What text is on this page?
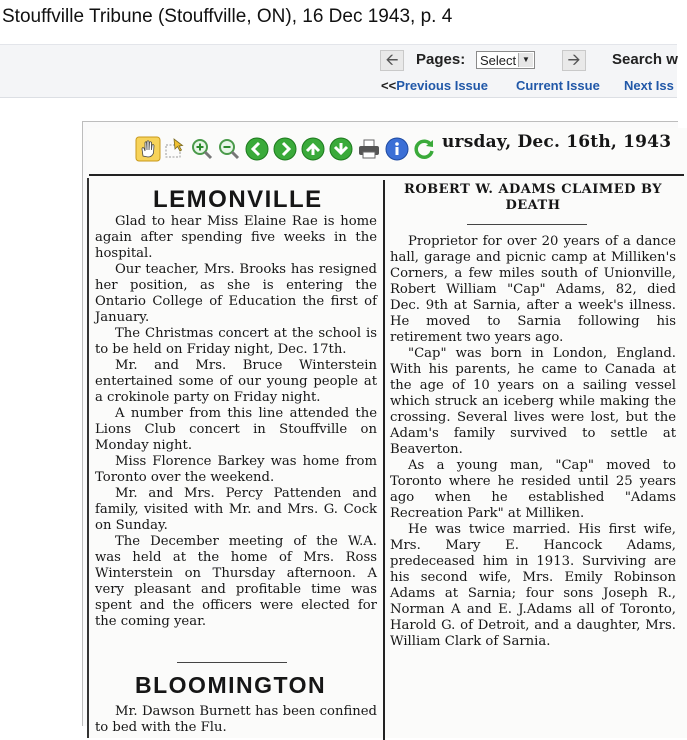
Stouffville Tribune (Stouffville, ON), 16 Dec 1943, p. 4
🡨	Pages: Select ▼	🡪	Search w
<<Previous Issue Current Issue Next Iss
ursday, Dec. 16th, 1943
LEMONVILLE

Glad to hear Miss Elaine Rae is home again after spending five weeks in the hospital.

Our teacher, Mrs. Brooks has resigned her position, as she is entering the Ontario College of Education the first of January.

The Christmas concert at the school is to be held on Friday night, Dec. 17th.

Mr. and Mrs. Bruce Winterstein entertained some of our young people at a crokinole party on Friday night.

A number from this line attended the Lions Club concert in Stouffville on Monday night.

Miss Florence Barkey was home from Toronto over the weekend.

Mr. and Mrs. Percy Pattenden and family, visited with Mr. and Mrs. G. Cock on Sunday.

The December meeting of the W.A. was held at the home of Mrs. Ross Winterstein on Thursday afternoon. A very pleasant and profitable time was spent and the officers were elected for the coming year.

BLOOMINGTON

Mr. Dawson Burnett has been confined to bed with the Flu.

ROBERT W. ADAMS CLAIMED BY DEATH

Proprietor for over 20 years of a dance hall, garage and picnic camp at Milliken's Corners, a few miles south of Unionville, Robert William "Cap" Adams, 82, died Dec. 9th at Sarnia, after a week's illness. He moved to Sarnia following his retirement two years ago.

"Cap" was born in London, England. With his parents, he came to Canada at the age of 10 years on a sailing vessel which struck an iceberg while making the crossing. Several lives were lost, but the Adam's family survived to settle at Beaverton.

As a young man, "Cap" moved to Toronto where he resided until 25 years ago when he established "Adams Recreation Park" at Milliken.

He was twice married. His first wife, Mrs. Mary E. Hancock Adams, predeceased him in 1913. Surviving are his second wife, Mrs. Emily Robinson Adams at Sarnia; four sons Joseph R., Norman A and E. J.Adams all of Toronto, Harold G. of Detroit, and a daughter, Mrs. William Clark of Sarnia.
